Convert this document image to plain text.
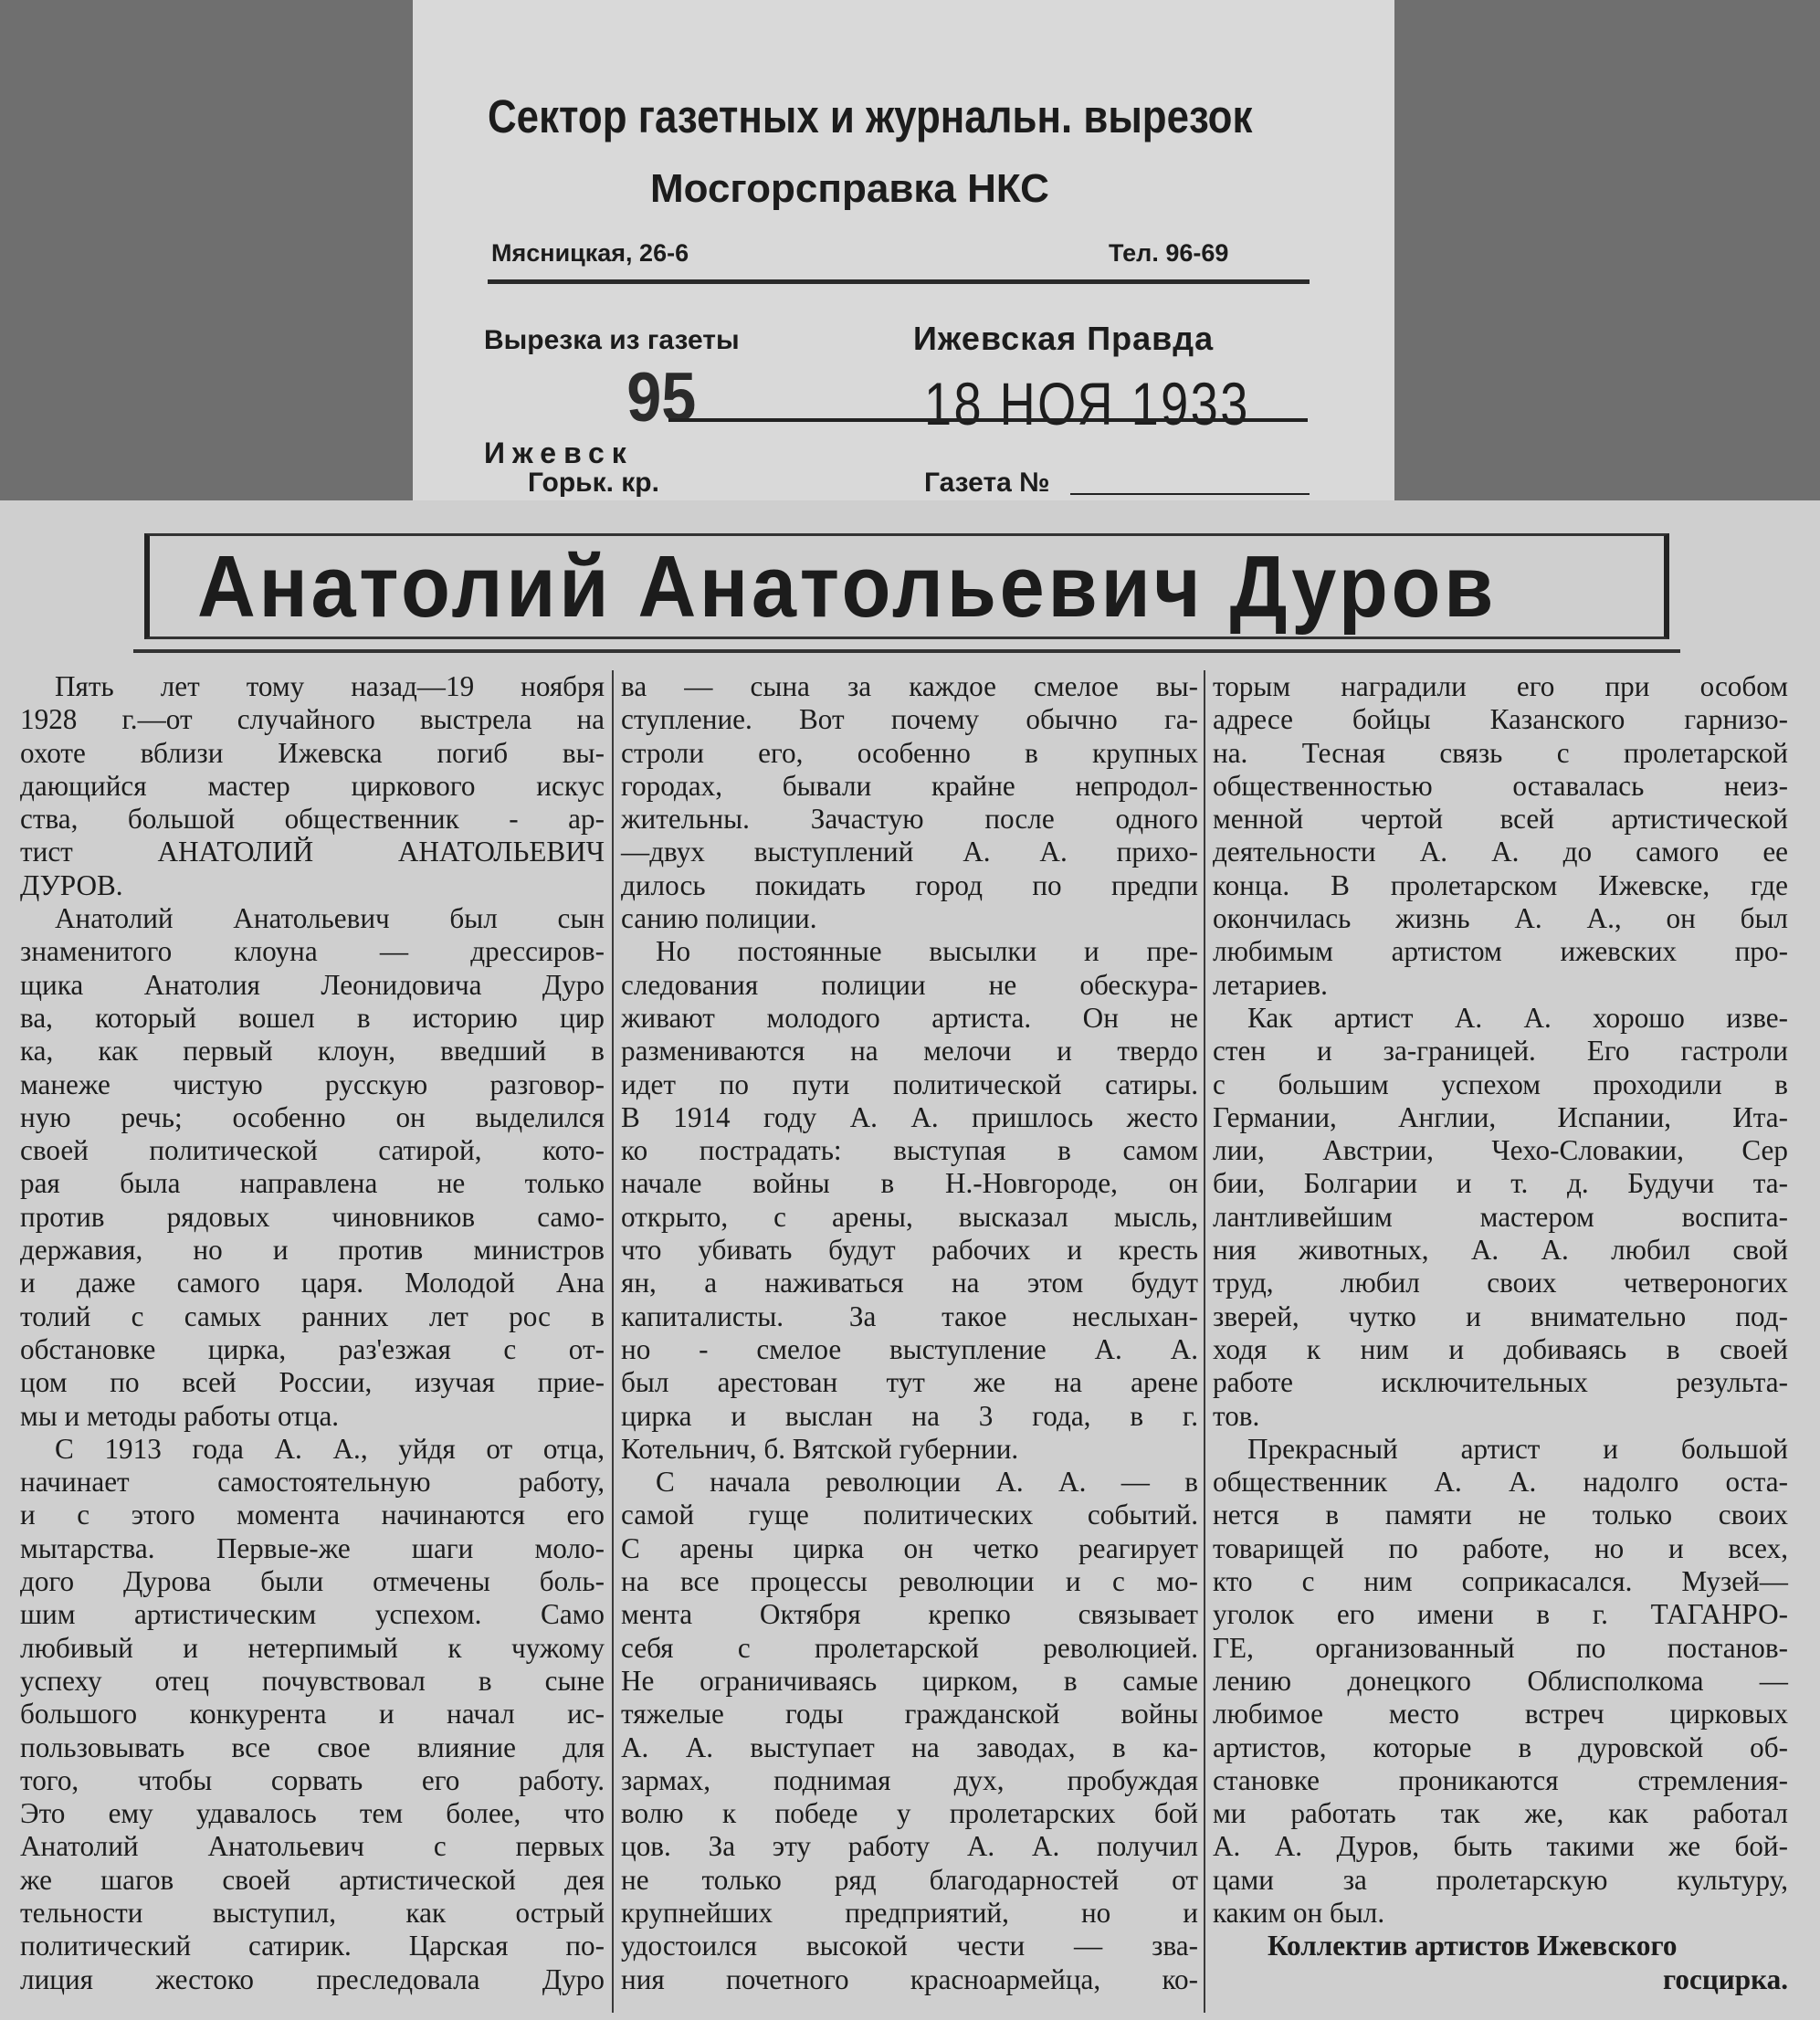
Сектор газетных и журнальн. вырезок
Мосгорсправка НКС
Мясницкая, 26-6	Тел. 96-69
Вырезка из газеты	Ижевская Правда
95	18 НОЯ 1933
Ижевск
Горьк. кр.	Газета №
Анатолий Анатольевич Дуров
Пять лет тому назад—19 ноября
1928 г.—от случайного выстрела на
охоте вблизи Ижевска погиб вы-
дающийся мастер циркового искус
ства, большой общественник - ар-
тист АНАТОЛИЙ АНАТОЛЬЕВИЧ
ДУРОВ.
Анатолий Анатольевич был сын
знаменитого клоуна — дрессиров-
щика Анатолия Леонидовича Дуро
ва, который вошел в историю цир
ка, как первый клоун, введший в
манеже чистую русскую разговор-
ную речь; особенно он выделился
своей политической сатирой, кото-
рая была направлена не только
против рядовых чиновников само-
державия, но и против министров
и даже самого царя. Молодой Ана
толий с самых ранних лет рос в
обстановке цирка, раз'езжая с от-
цом по всей России, изучая прие-
мы и методы работы отца.
С 1913 года А. А., уйдя от отца,
начинает самостоятельную работу,
и с этого момента начинаются его
мытарства. Первые-же шаги моло-
дого Дурова были отмечены боль-
шим артистическим успехом. Само
любивый и нетерпимый к чужому
успеху отец почувствовал в сыне
большого конкурента и начал ис-
пользовывать все свое влияние для
того, чтобы сорвать его работу.
Это ему удавалось тем более, что
Анатолий Анатольевич с первых
же шагов своей артистической дея
тельности выступил, как острый
политический сатирик. Царская по-
лиция жестоко преследовала Дуро
ва — сына за каждое смелое вы-
ступление. Вот почему обычно га-
строли его, особенно в крупных
городах, бывали крайне непродол-
жительны. Зачастую после одного
—двух выступлений А. А. прихо-
дилось покидать город по предпи
санию полиции.
Но постоянные высылки и пре-
следования полиции не обескура-
живают молодого артиста. Он не
размениваются на мелочи и твердо
идет по пути политической сатиры.
В 1914 году А. А. пришлось жесто
ко пострадать: выступая в самом
начале войны в Н.-Новгороде, он
открыто, с арены, высказал мысль,
что убивать будут рабочих и кресть
ян, а наживаться на этом будут
капиталисты. За такое неслыхан-
но - смелое выступление А. А.
был арестован тут же на арене
цирка и выслан на 3 года, в г.
Котельнич, б. Вятской губернии.
С начала революции А. А. — в
самой гуще политических событий.
С арены цирка он четко реагирует
на все процессы революции и с мо-
мента Октября крепко связывает
себя с пролетарской революцией.
Не ограничиваясь цирком, в самые
тяжелые годы гражданской войны
А. А. выступает на заводах, в ка-
зармах, поднимая дух, пробуждая
волю к победе у пролетарских бой
цов. За эту работу А. А. получил
не только ряд благодарностей от
крупнейших предприятий, но и
удостоился высокой чести — зва-
ния почетного красноармейца, ко-
торым наградили его при особом
адресе бойцы Казанского гарнизо-
на. Тесная связь с пролетарской
общественностью оставалась неиз-
менной чертой всей артистической
деятельности А. А. до самого ее
конца. В пролетарском Ижевске, где
окончилась жизнь А. А., он был
любимым артистом ижевских про-
летариев.
Как артист А. А. хорошо изве-
стен и за-границей. Его гастроли
с большим успехом проходили в
Германии, Англии, Испании, Ита-
лии, Австрии, Чехо-Словакии, Сер
бии, Болгарии и т. д. Будучи та-
лантливейшим мастером воспита-
ния животных, А. А. любил свой
труд, любил своих четвероногих
зверей, чутко и внимательно под-
ходя к ним и добиваясь в своей
работе исключительных результа-
тов.
Прекрасный артист и большой
общественник А. А. надолго оста-
нется в памяти не только своих
товарищей по работе, но и всех,
кто с ним соприкасался. Музей—
уголок его имени в г. ТАГАНРО-
ГЕ, организованный по постанов-
лению донецкого Облисполкома —
любимое место встреч цирковых
артистов, которые в дуровской об-
становке проникаются стремления-
ми работать так же, как работал
А. А. Дуров, быть такими же бой-
цами за пролетарскую культуру,
каким он был.
Коллектив артистов Ижевского
госцирка.
